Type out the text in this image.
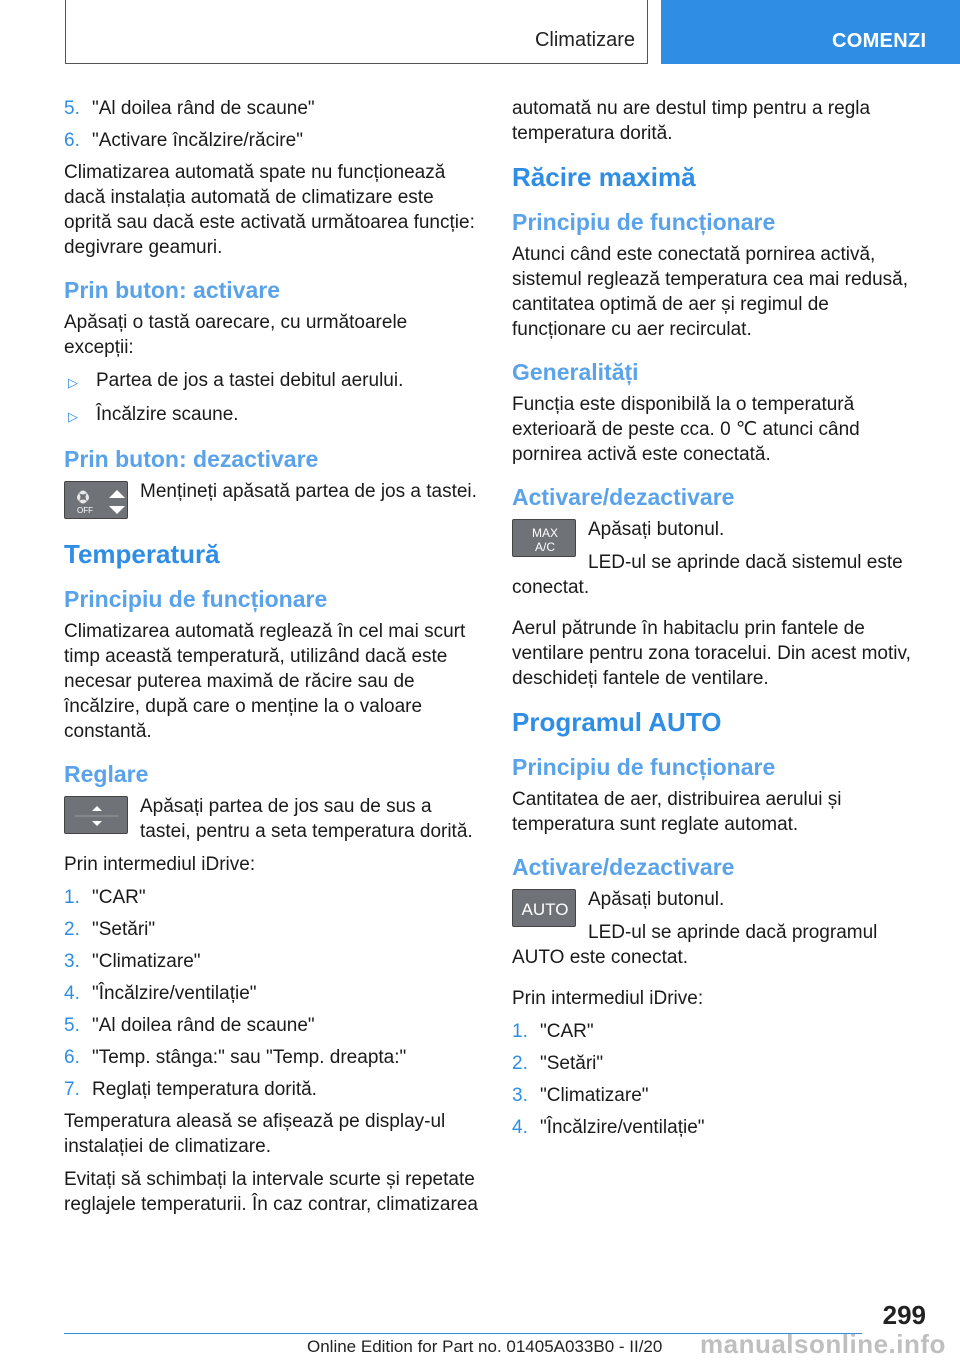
Climatizare	COMENZI
5. "Al doilea rând de scaune"
6. "Activare încălzire/răcire"

Climatizarea automată spate nu funcționează dacă instalația automată de climatizare este oprită sau dacă este activată următoarea funcție: degivrare geamuri.

Prin buton: activare

Apăsați o tastă oarecare, cu următoarele excepții:

▷ Partea de jos a tastei debitul aerului.
▷ Încălzire scaune.
Prin buton: dezactivare
OFF
Mențineți apăsată partea de jos a tastei.
Temperatură
Principiu de funcționare

Climatizarea automată reglează în cel mai scurt timp această temperatură, utilizând dacă este necesar puterea maximă de răcire sau de încălzire, după care o menține la o valoare constantă.

Reglare
Apăsați partea de jos sau de sus a tastei, pentru a seta temperatura dorită.

Prin intermediul iDrive:

1. "CAR"
2. "Setări"
3. "Climatizare"
4. "Încălzire/ventilație"
5. "Al doilea rând de scaune"
6. "Temp. stânga:" sau "Temp. dreapta:"
7. Reglați temperatura dorită.

Temperatura aleasă se afișează pe display-ul instalației de climatizare.

Evitați să schimbați la intervale scurte și repetate reglajele temperaturii. În caz contrar, climatizarea

automată nu are destul timp pentru a regla temperatura dorită.

Răcire maximă
Principiu de funcționare

Atunci când este conectată pornirea activă, sistemul reglează temperatura cea mai redusă, cantitatea optimă de aer și regimul de funcționare cu aer recirculat.

Generalități

Funcția este disponibilă la o temperatură exterioară de peste cca. 0 ℃ atunci când pornirea activă este conectată.

Activare/dezactivare
MAX
A/C

Apăsați butonul.

LED-ul se aprinde dacă sistemul este conectat.

Aerul pătrunde în habitaclu prin fantele de ventilare pentru zona toracelui. Din acest motiv, deschideți fantele de ventilare.

Programul AUTO
Principiu de funcționare

Cantitatea de aer, distribuirea aerului și temperatura sunt reglate automat.

Activare/dezactivare
AUTO	Apăsați butonul.

LED-ul se aprinde dacă programul AUTO este conectat.

Prin intermediul iDrive:

1. "CAR"
2. "Setări"
3. "Climatizare"
4. "Încălzire/ventilație"
299
Online Edition for Part no. 01405A033B0 - II/20 manualsonline.info
